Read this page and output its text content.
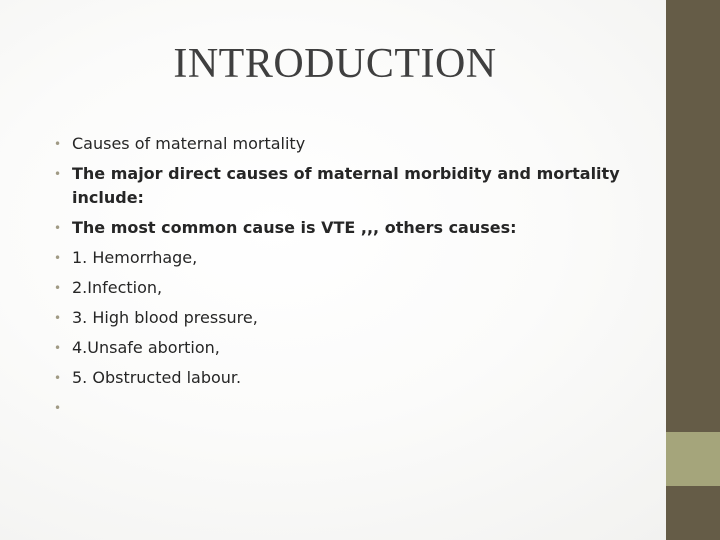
INTRODUCTION
• Causes of maternal mortality
• The major direct causes of maternal morbidity and mortality include:
• The most common cause is VTE ,,, others causes:
• 1. Hemorrhage,
• 2.Infection,
• 3. High blood pressure,
• 4.Unsafe abortion,
• 5. Obstructed labour.
•
